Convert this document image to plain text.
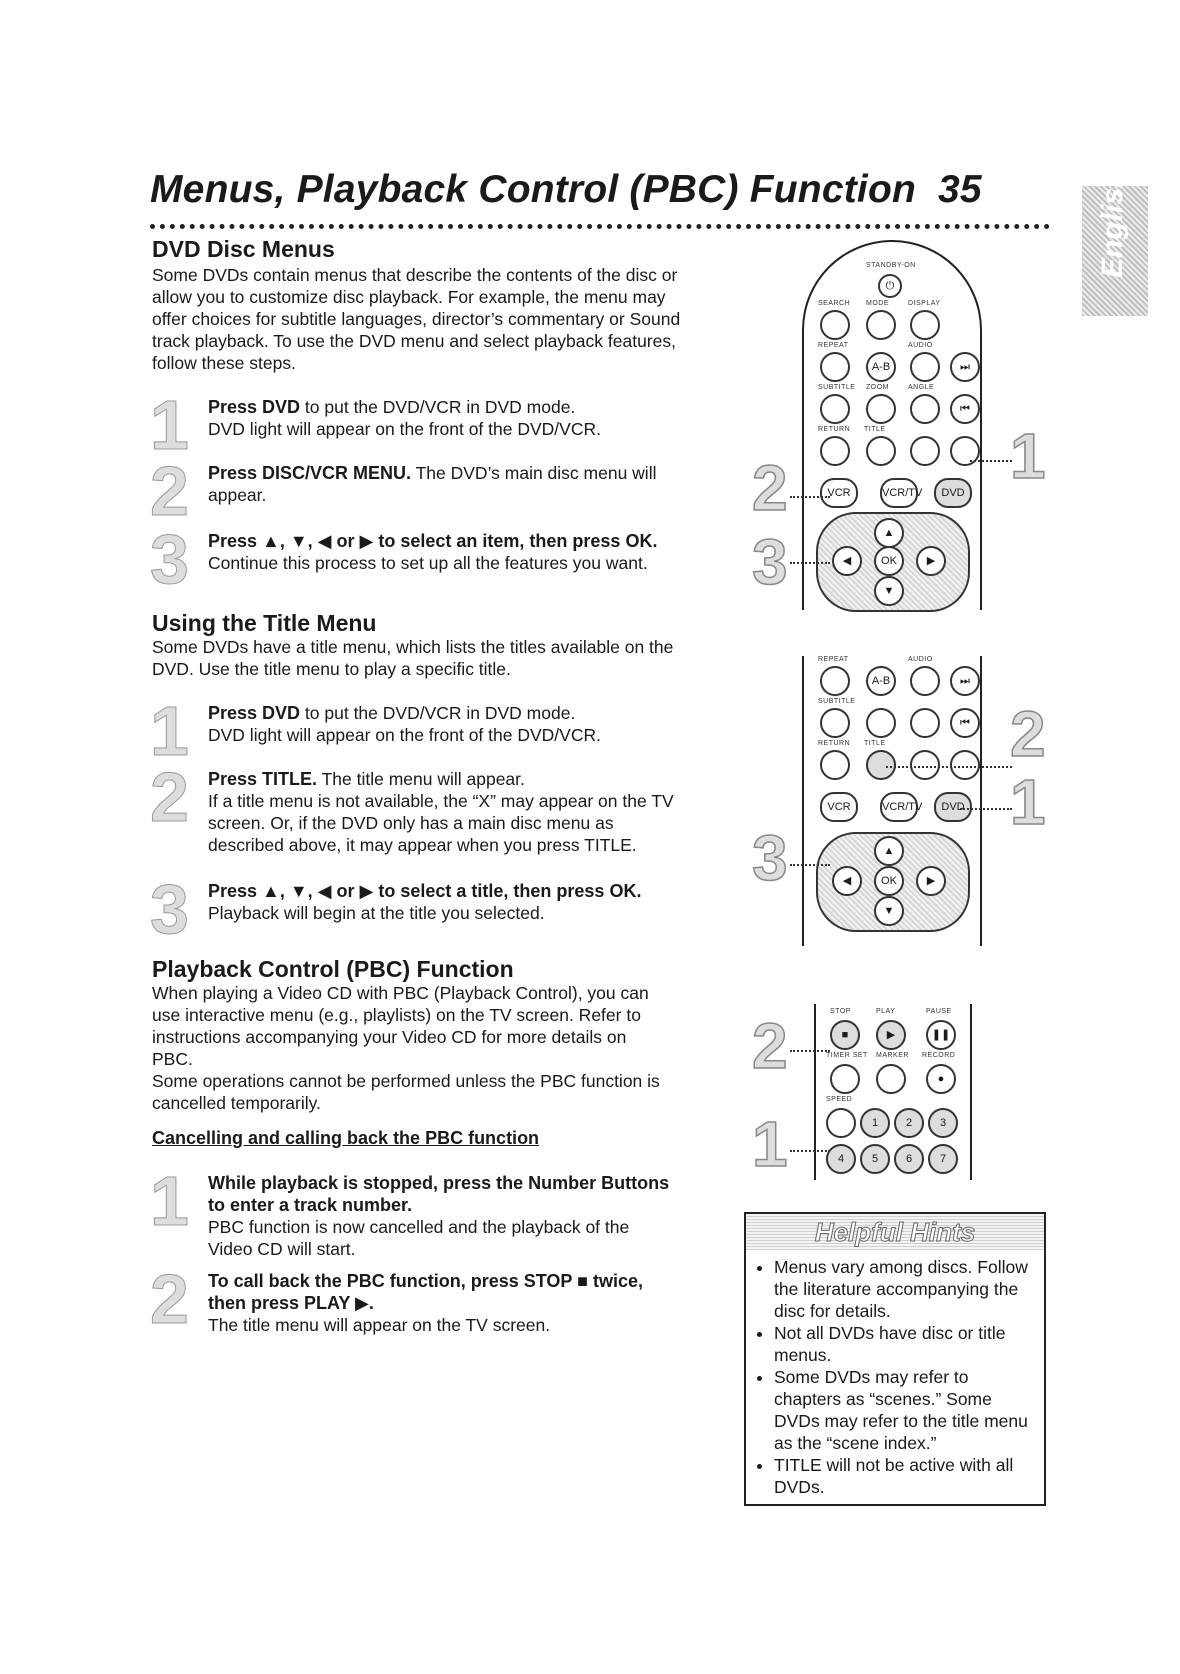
Menus, Playback Control (PBC) Function 35	English
DVD Disc Menus

Some DVDs contain menus that describe the contents of the disc or allow you to customize disc playback. For example, the menu may offer choices for subtitle languages, director’s commentary or Sound track playback. To use the DVD menu and select playback features, follow these steps.

1 Press DVD to put the DVD/VCR in DVD mode.
DVD light will appear on the front of the DVD/VCR.
2 Press DISC/VCR MENU. The DVD’s main disc menu will appear.
3 Press ▲, ▼, ◀ or ▶ to select an item, then press OK.
Continue this process to set up all the features you want.
Using the Title Menu

Some DVDs have a title menu, which lists the titles available on the DVD. Use the title menu to play a specific title.

1 Press DVD to put the DVD/VCR in DVD mode.
DVD light will appear on the front of the DVD/VCR.
2 Press TITLE. The title menu will appear.
If a title menu is not available, the “X” may appear on the TV screen. Or, if the DVD only has a main disc menu as described above, it may appear when you press TITLE.
3 Press ▲, ▼, ◀ or ▶ to select a title, then press OK.
Playback will begin at the title you selected.
Playback Control (PBC) Function

When playing a Video CD with PBC (Playback Control), you can use interactive menu (e.g., playlists) on the TV screen. Refer to instructions accompanying your Video CD for more details on PBC.

Some operations cannot be performed unless the PBC function is cancelled temporarily.

Cancelling and calling back the PBC function
1 While playback is stopped, press the Number Buttons to enter a track number.
PBC function is now cancelled and the playback of the Video CD will start.
2 To call back the PBC function, press STOP ■ twice, then press PLAY ▶.
The title menu will appear on the TV screen.
STANDBY-ON
⏻
SEARCH MODE	DISPLAY
REPEAT	AUDIO
A-B	⏭
SUBTITLE ZOOM	ANGLE
⏮
RETURN TITLE
VCR	VCR/TV	DVD
OK
◀	▶
▲
▼
2
3
1
REPEAT	AUDIO
A-B	⏭
SUBTITLE
⏮
RETURN TITLE
VCR	VCR/TV	DVD
OK
◀	▶
▲
▼
2
1
3
STOP	PLAY	PAUSE
■	▶	❚❚
TIMER SET MARKER RECORD
●
SPEED
1	2	3
4	5	6	7
2
1
Helpful Hints
• Menus vary among discs. Follow the literature accompanying the disc for details.
• Not all DVDs have disc or title menus.
• Some DVDs may refer to chapters as “scenes.” Some DVDs may refer to the title menu as the “scene index.”
• TITLE will not be active with all DVDs.
